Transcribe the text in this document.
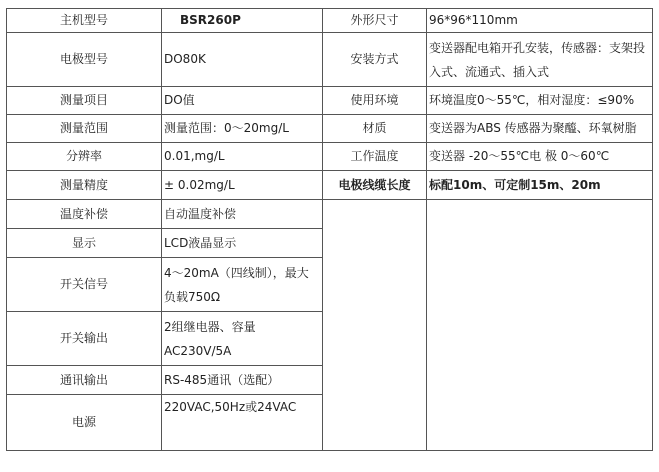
主机型号	BSR260P	外形尺寸	96*96*110mm
电极型号	DO80K	安装方式	变送器配电箱开孔安装，传感器：支架投入式、流通式、插入式
测量项目	DO值	使用环境	环境温度0～55℃，相对湿度：≤90%
测量范围	测量范围：0～20mg/L	材质	变送器为ABS 传感器为聚醯、环氧树脂
分辨率	0.01,mg/L	工作温度	变送器 -20～55℃电 极 0～60℃
测量精度	± 0.02mg/L	电极线缆长度	标配10m、可定制15m、20m
温度补偿	自动温度补偿		
显示	LCD液晶显示		
开关信号	4～20mA（四线制），最大负载750Ω		
开关输出	2组继电器、容量AC230V/5A		
通讯输出	RS-485通讯（选配）		
电源	220VAC,50Hz或24VAC		
